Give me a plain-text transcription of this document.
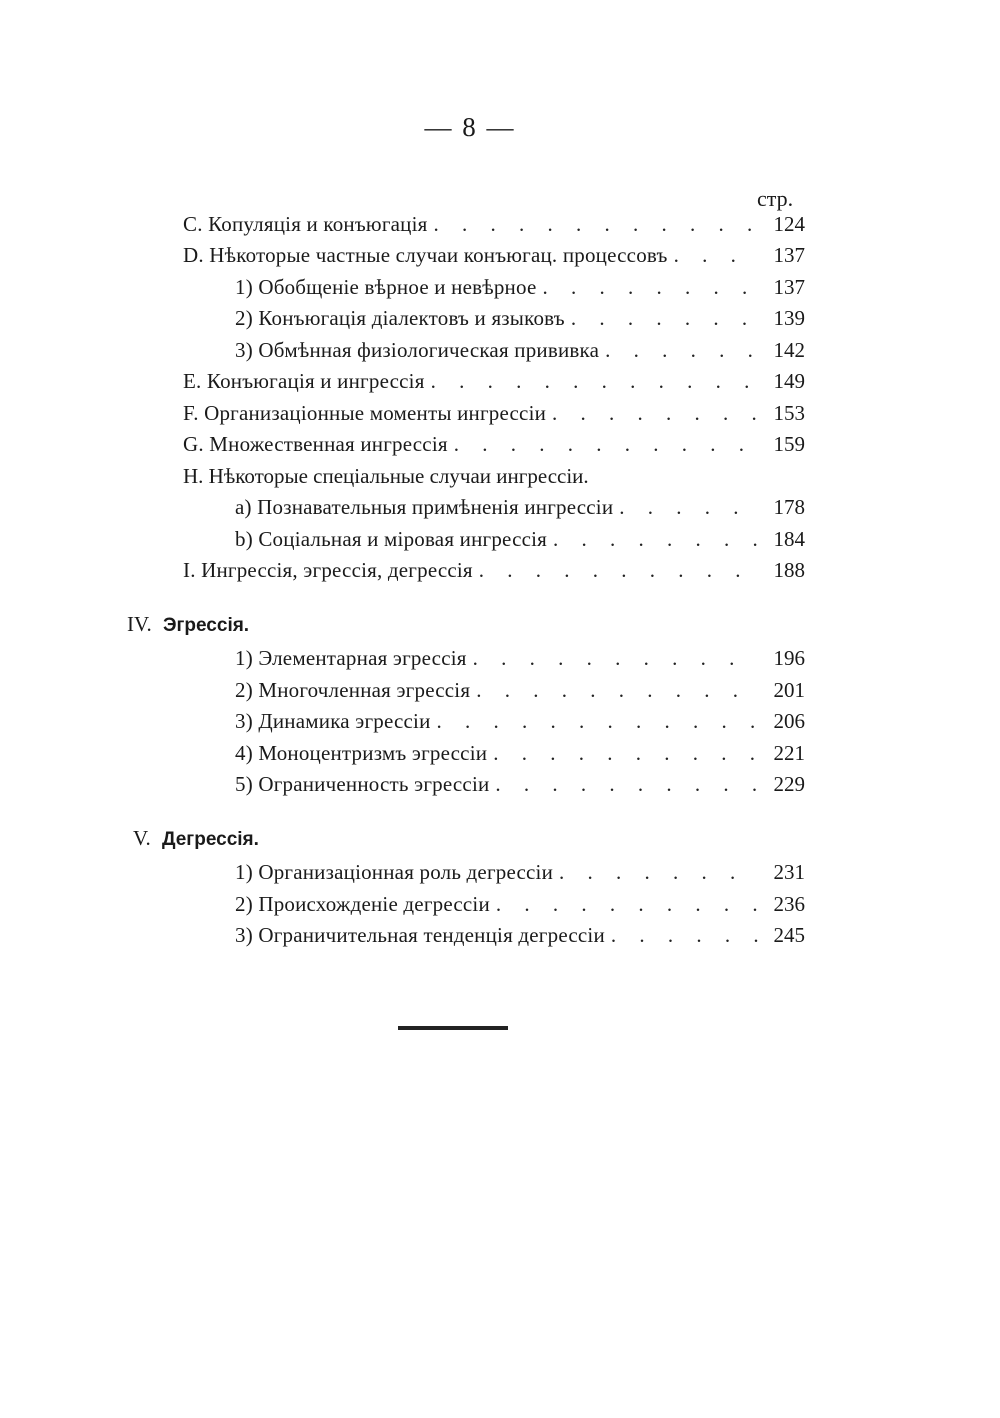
— 8 —
стр.
С. Копуляція и конъюгація . . .	124
D. Нѣкоторые частные случаи конъюгац. процессовъ . . .	137
1) Обобщеніе вѣрное и невѣрное . . .	137
2) Конъюгація діалектовъ и языковъ . . .	139
3) Обмѣнная физіологическая прививка . . .	142
Е. Конъюгація и ингрессія . . .	149
F. Организаціонные моменты ингрессіи . . .	153
G. Множественная ингрессія . . .	159
H. Нѣкоторые спеціальные случаи ингрессіи.
a) Познавательныя примѣненія ингрессіи . . .	178
b) Соціальная и міровая ингрессія . . .	184
I. Ингрессія, эгрессія, дегрессія . . .	188
IV. Эгрессія.
1) Элементарная эгрессія . . .	196
2) Многочленная эгрессія . . .	201
3) Динамика эгрессіи . . .	206
4) Моноцентризмъ эгрессіи . . .	221
5) Ограниченность эгрессіи . . .	229
V. Дегрессія.
1) Организаціонная роль дегрессіи . . .	231
2) Происхожденіе дегрессіи . . .	236
3) Ограничительная тенденція дегрессіи . . .	245
